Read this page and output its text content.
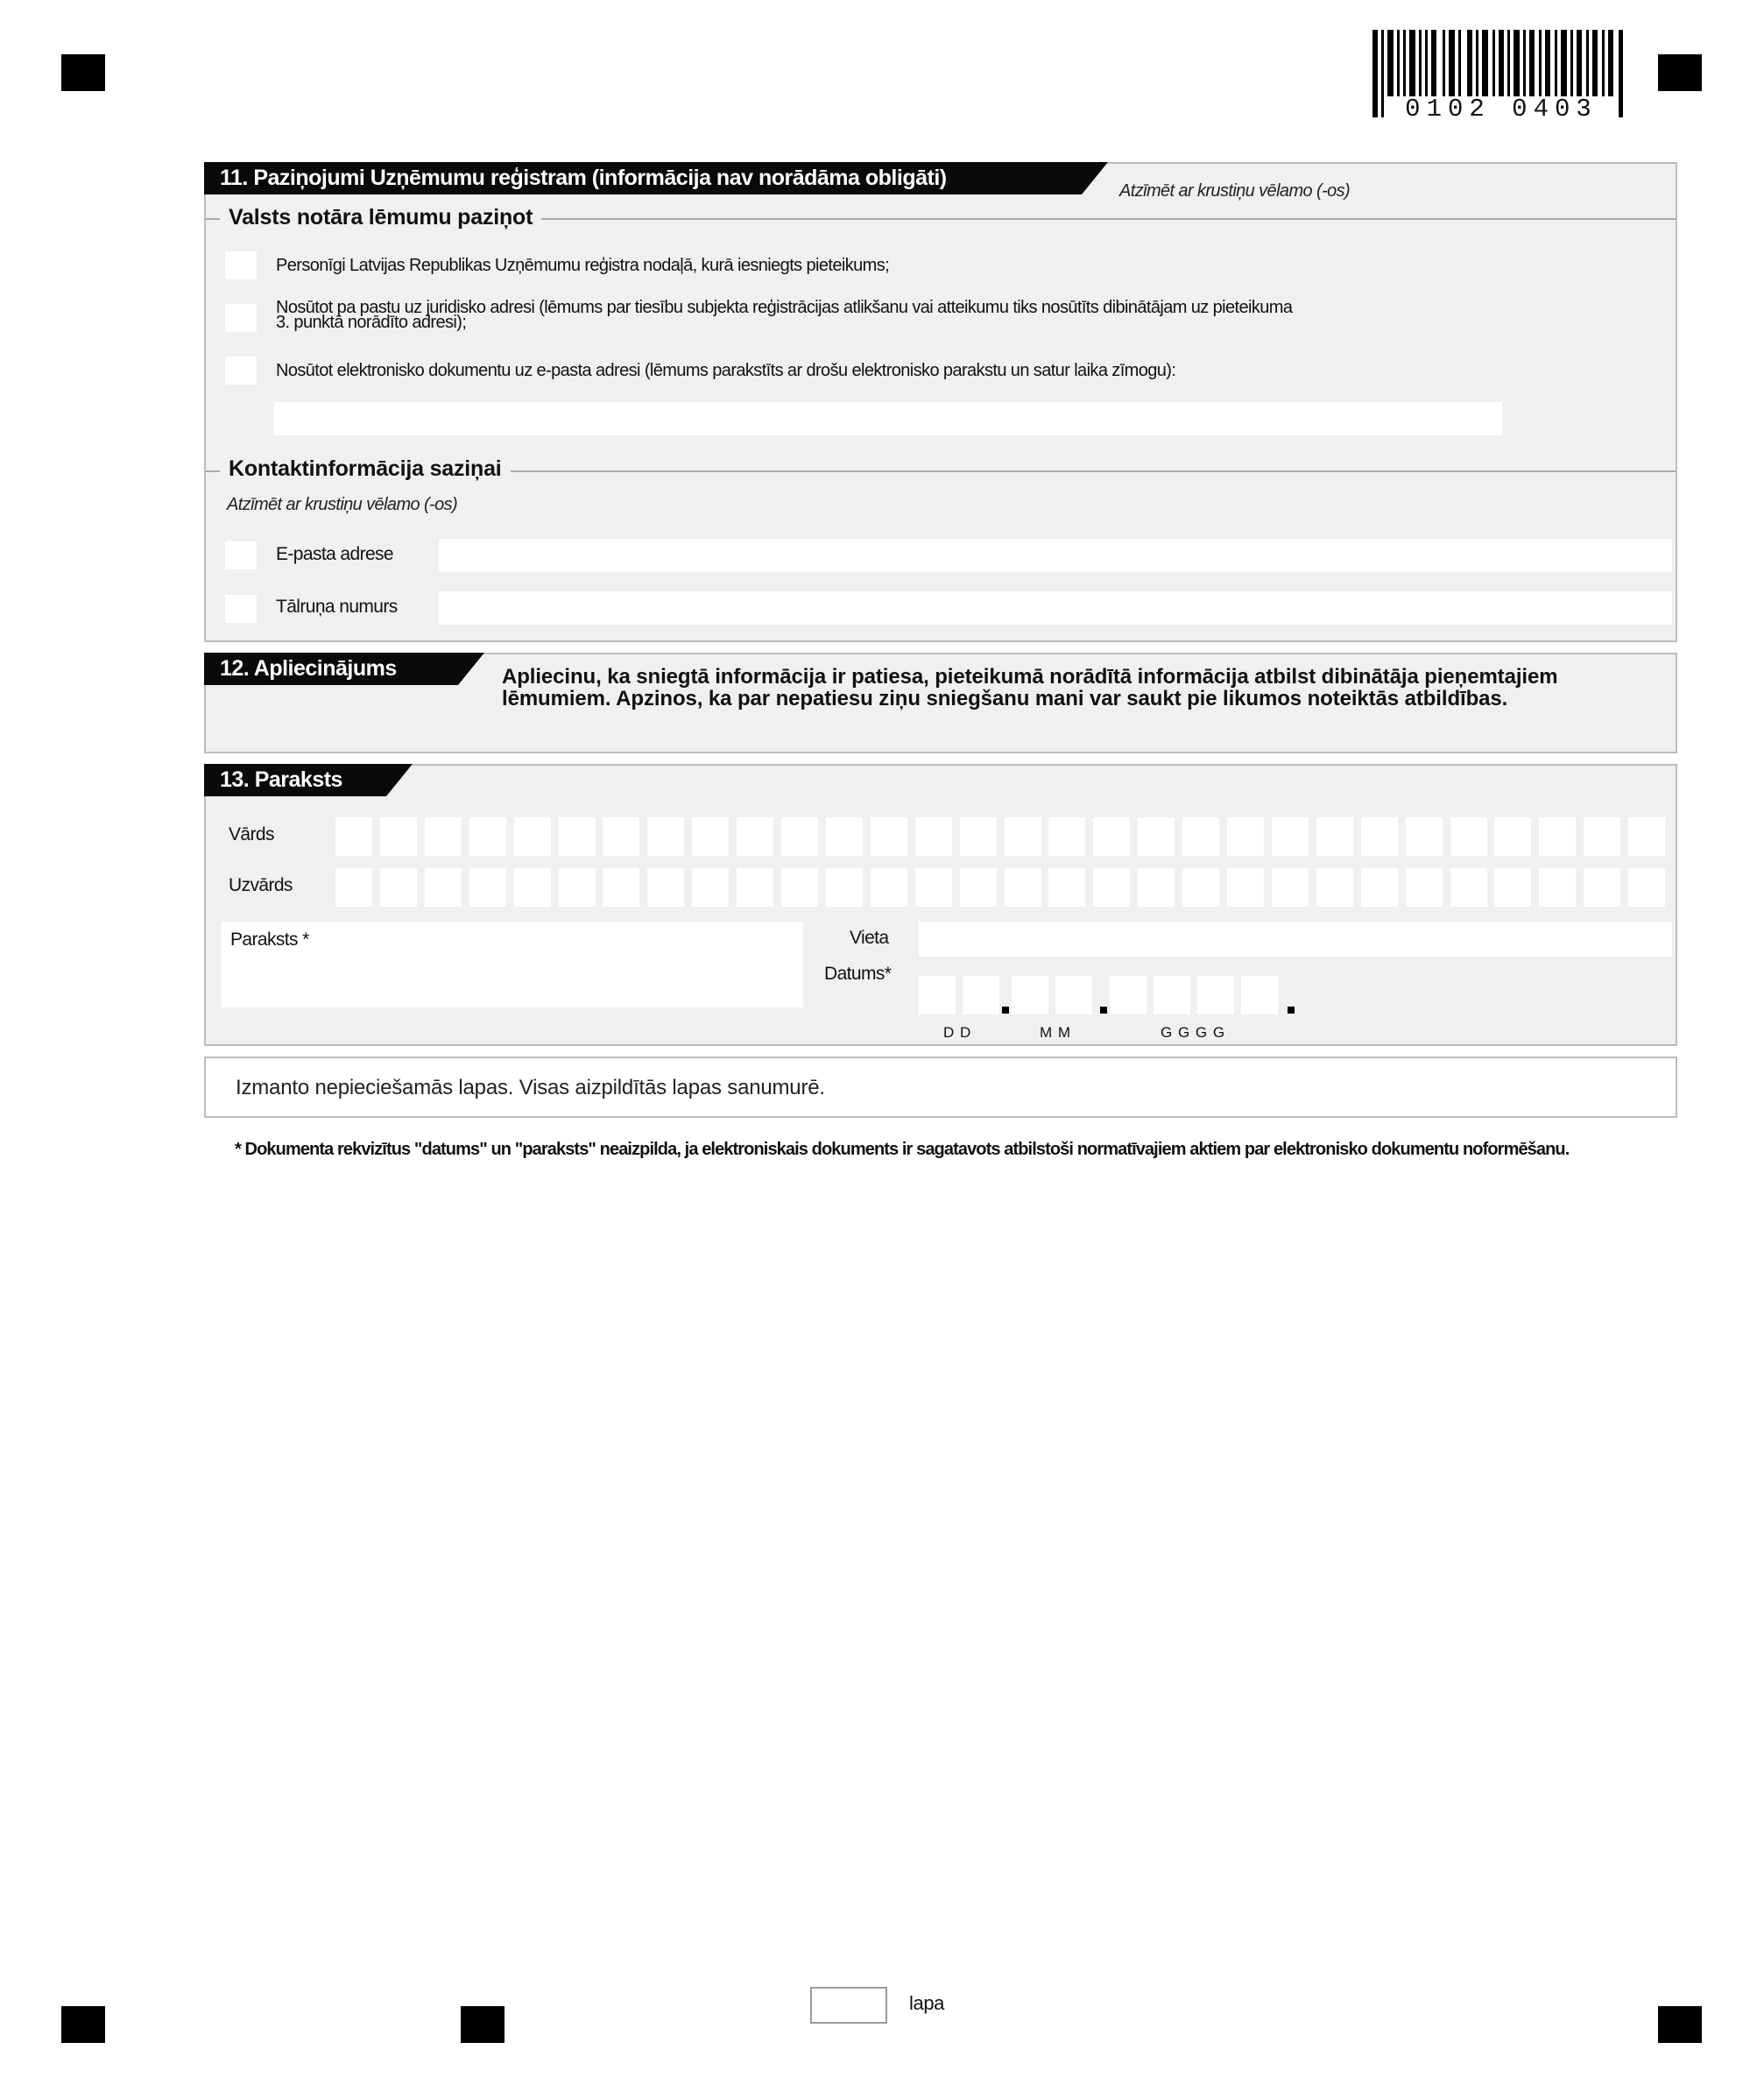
0102 0403
11. Paziņojumi Uzņēmumu reģistram (informācija nav norādāma obligāti)
Atzīmēt ar krustiņu vēlamo (-os)
Valsts notāra lēmumu paziņot
Personīgi Latvijas Republikas Uzņēmumu reģistra nodaļā, kurā iesniegts pieteikums;
Nosūtot pa pastu uz juridisko adresi (lēmums par tiesību subjekta reģistrācijas atlikšanu vai atteikumu tiks nosūtīts dibinātājam uz pieteikuma
3. punktā norādīto adresi);
Nosūtot elektronisko dokumentu uz e-pasta adresi (lēmums parakstīts ar drošu elektronisko parakstu un satur laika zīmogu):
Kontaktinformācija saziņai
Atzīmēt ar krustiņu vēlamo (-os)
E-pasta adrese
Tālruņa numurs
12. Apliecinājums	Apliecinu, ka sniegtā informācija ir patiesa, pieteikumā norādītā informācija atbilst dibinātāja pieņemtajiem lēmumiem. Apzinos, ka par nepatiesu ziņu sniegšanu mani var saukt pie likumos noteiktās atbildības.
13. Paraksts
Vārds
Uzvārds
Paraksts *	Vieta
Datums*
D D	M M	G G G G
Izmanto nepieciešamās lapas. Visas aizpildītās lapas sanumurē.
* Dokumenta rekvizītus "datums" un "paraksts" neaizpilda, ja elektroniskais dokuments ir sagatavots atbilstoši normatīvajiem aktiem par elektronisko dokumentu noformēšanu.
lapa
